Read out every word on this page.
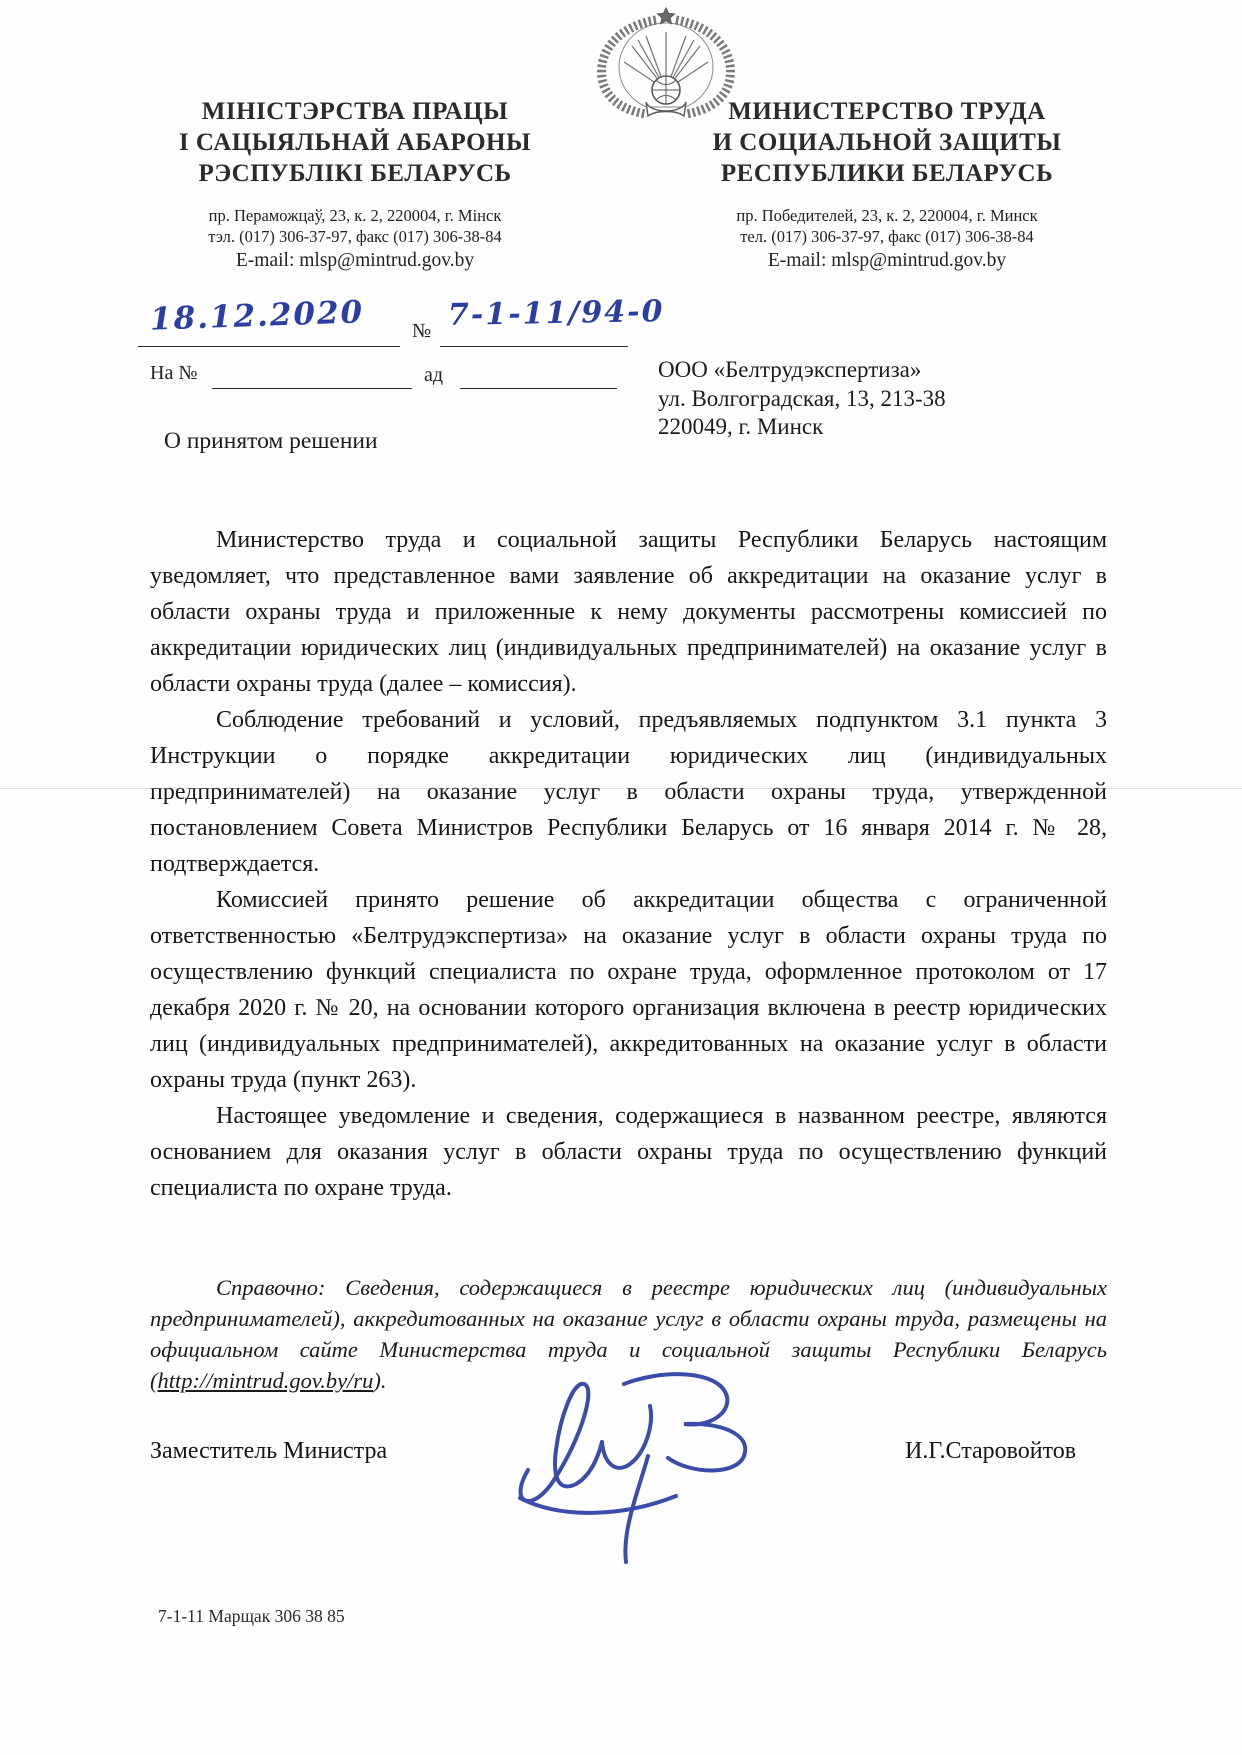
МІНІСТЭРСТВА ПРАЦЫ
І САЦЫЯЛЬНАЙ АБАРОНЫ
РЭСПУБЛІКІ БЕЛАРУСЬ
пр. Пераможцаў, 23, к. 2, 220004, г. Мінск
тэл. (017) 306-37-97, факс (017) 306-38-84
E-mail: mlsp@mintrud.gov.by
МИНИСТЕРСТВО ТРУДА
И СОЦИАЛЬНОЙ ЗАЩИТЫ
РЕСПУБЛИКИ БЕЛАРУСЬ
пр. Победителей, 23, к. 2, 220004, г. Минск
тел. (017) 306-37-97, факс (017) 306-38-84
E-mail: mlsp@mintrud.gov.by
18.12.2020 № 7-1-11/94-0
На №	ад	ООО «Белтрудэкспертиза»
ул. Волгоградская, 13, 213-38
220049, г. Минск
О принятом решении

Министерство труда и социальной защиты Республики Беларусь настоящим уведомляет, что представленное вами заявление об аккредитации на оказание услуг в области охраны труда и приложенные к нему документы рассмотрены комиссией по аккредитации юридических лиц (индивидуальных предпринимателей) на оказание услуг в области охраны труда (далее – комиссия).

Соблюдение требований и условий, предъявляемых подпунктом 3.1 пункта 3 Инструкции о порядке аккредитации юридических лиц (индивидуальных предпринимателей) на оказание услуг в области охраны труда, утвержденной постановлением Совета Министров Республики Беларусь от 16 января 2014 г. № 28, подтверждается.

Комиссией принято решение об аккредитации общества с ограниченной ответственностью «Белтрудэкспертиза» на оказание услуг в области охраны труда по осуществлению функций специалиста по охране труда, оформленное протоколом от 17 декабря 2020 г. № 20, на основании которого организация включена в реестр юридических лиц (индивидуальных предпринимателей), аккредитованных на оказание услуг в области охраны труда (пункт 263).

Настоящее уведомление и сведения, содержащиеся в названном реестре, являются основанием для оказания услуг в области охраны труда по осуществлению функций специалиста по охране труда.

Справочно: Сведения, содержащиеся в реестре юридических лиц (индивидуальных предпринимателей), аккредитованных на оказание услуг в области охраны труда, размещены на официальном сайте Министерства труда и социальной защиты Республики Беларусь (http://mintrud.gov.by/ru).
Заместитель Министра	И.Г.Старовойтов
7-1-11 Марщак 306 38 85
